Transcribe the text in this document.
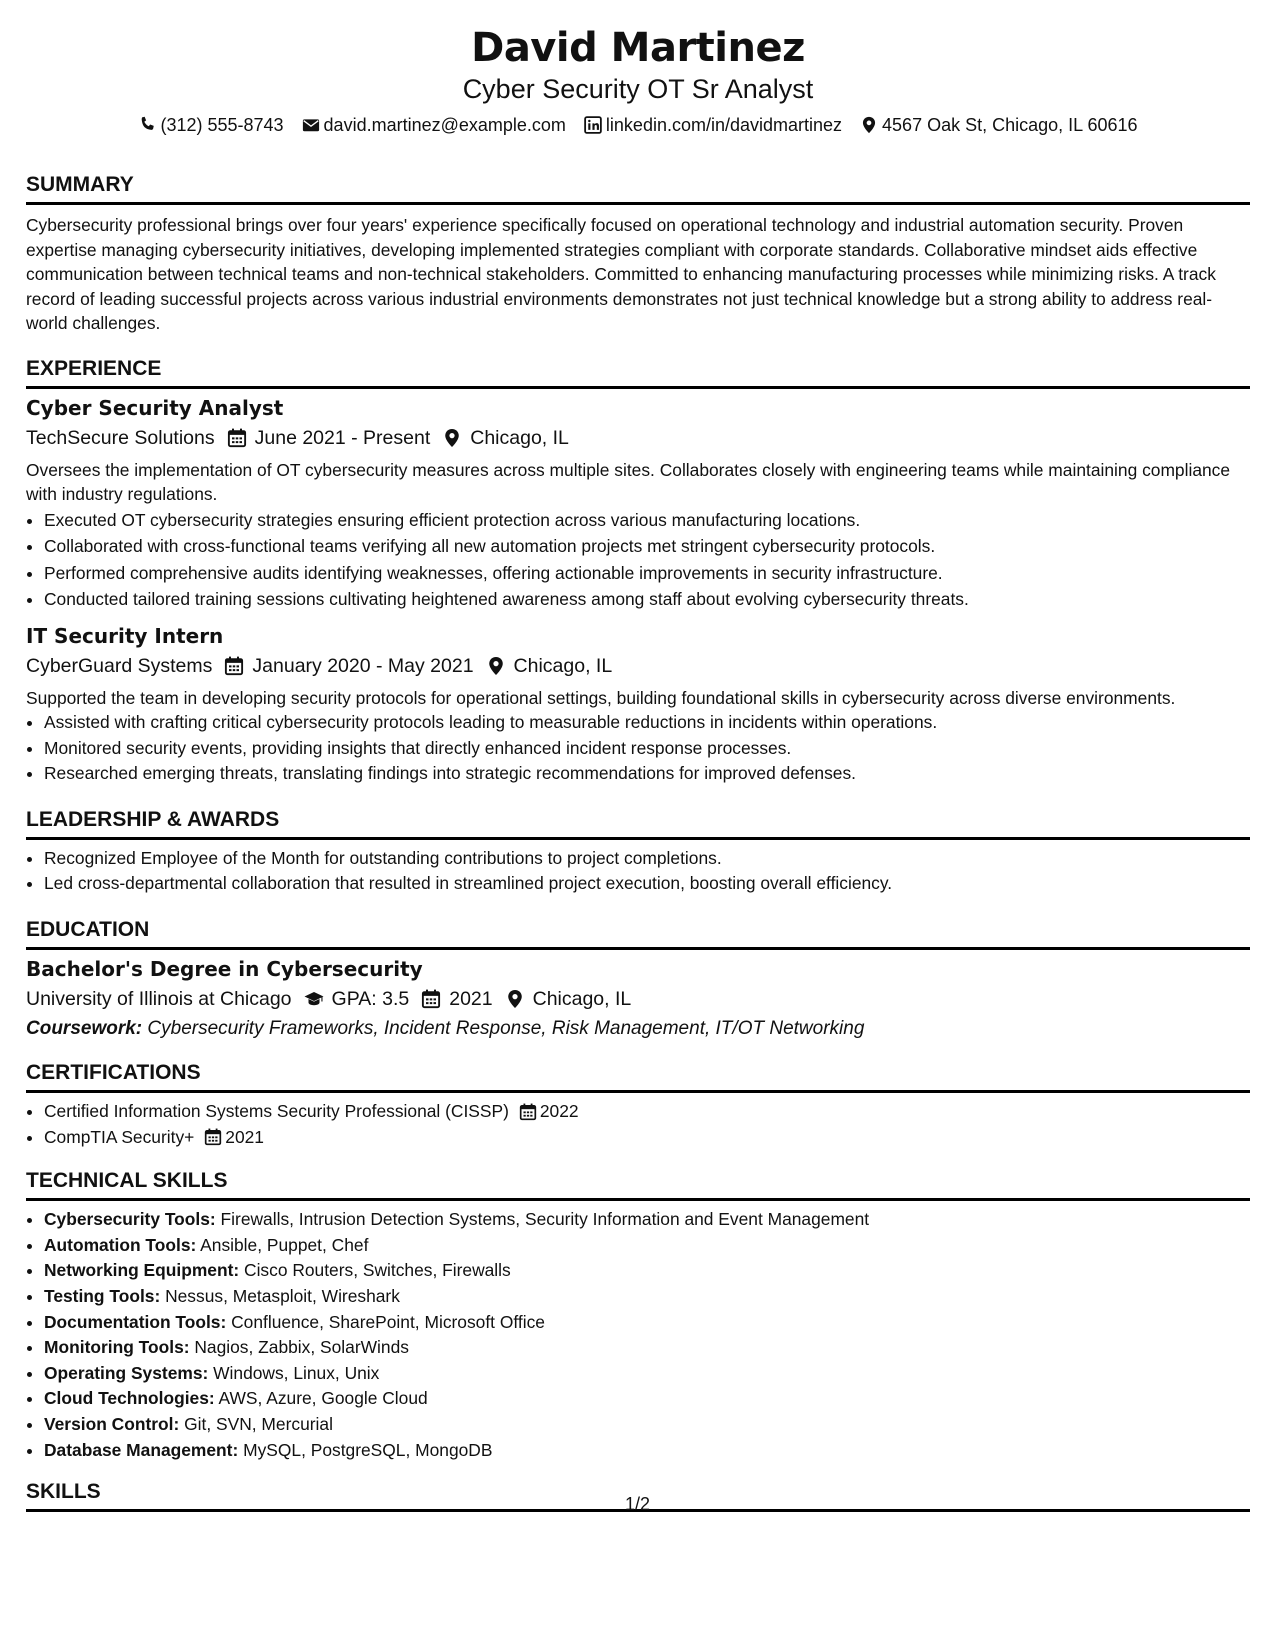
David Martinez
Cyber Security OT Sr Analyst
(312) 555-8743 david.martinez@example.com linkedin.com/in/davidmartinez 4567 Oak St, Chicago, IL 60616
SUMMARY
Cybersecurity professional brings over four years' experience specifically focused on operational technology and industrial automation security. Proven expertise managing cybersecurity initiatives, developing implemented strategies compliant with corporate standards. Collaborative mindset aids effective communication between technical teams and non-technical stakeholders. Committed to enhancing manufacturing processes while minimizing risks. A track record of leading successful projects across various industrial environments demonstrates not just technical knowledge but a strong ability to address real-world challenges.
EXPERIENCE
Cyber Security Analyst
TechSecure Solutions June 2021 - Present Chicago, IL
Oversees the implementation of OT cybersecurity measures across multiple sites. Collaborates closely with engineering teams while maintaining compliance with industry regulations.
• Executed OT cybersecurity strategies ensuring efficient protection across various manufacturing locations.
• Collaborated with cross-functional teams verifying all new automation projects met stringent cybersecurity protocols.
• Performed comprehensive audits identifying weaknesses, offering actionable improvements in security infrastructure.
• Conducted tailored training sessions cultivating heightened awareness among staff about evolving cybersecurity threats.
IT Security Intern
CyberGuard Systems January 2020 - May 2021 Chicago, IL
Supported the team in developing security protocols for operational settings, building foundational skills in cybersecurity across diverse environments.
• Assisted with crafting critical cybersecurity protocols leading to measurable reductions in incidents within operations.
• Monitored security events, providing insights that directly enhanced incident response processes.
• Researched emerging threats, translating findings into strategic recommendations for improved defenses.
LEADERSHIP & AWARDS
• Recognized Employee of the Month for outstanding contributions to project completions.
• Led cross-departmental collaboration that resulted in streamlined project execution, boosting overall efficiency.
EDUCATION
Bachelor's Degree in Cybersecurity
University of Illinois at Chicago GPA: 3.5 2021 Chicago, IL
Coursework: Cybersecurity Frameworks, Incident Response, Risk Management, IT/OT Networking
CERTIFICATIONS
• Certified Information Systems Security Professional (CISSP) 2022
• CompTIA Security+ 2021
TECHNICAL SKILLS
• Cybersecurity Tools: Firewalls, Intrusion Detection Systems, Security Information and Event Management
• Automation Tools: Ansible, Puppet, Chef
• Networking Equipment: Cisco Routers, Switches, Firewalls
• Testing Tools: Nessus, Metasploit, Wireshark
• Documentation Tools: Confluence, SharePoint, Microsoft Office
• Monitoring Tools: Nagios, Zabbix, SolarWinds
• Operating Systems: Windows, Linux, Unix
• Cloud Technologies: AWS, Azure, Google Cloud
• Version Control: Git, SVN, Mercurial
• Database Management: MySQL, PostgreSQL, MongoDB
SKILLS
1/2
